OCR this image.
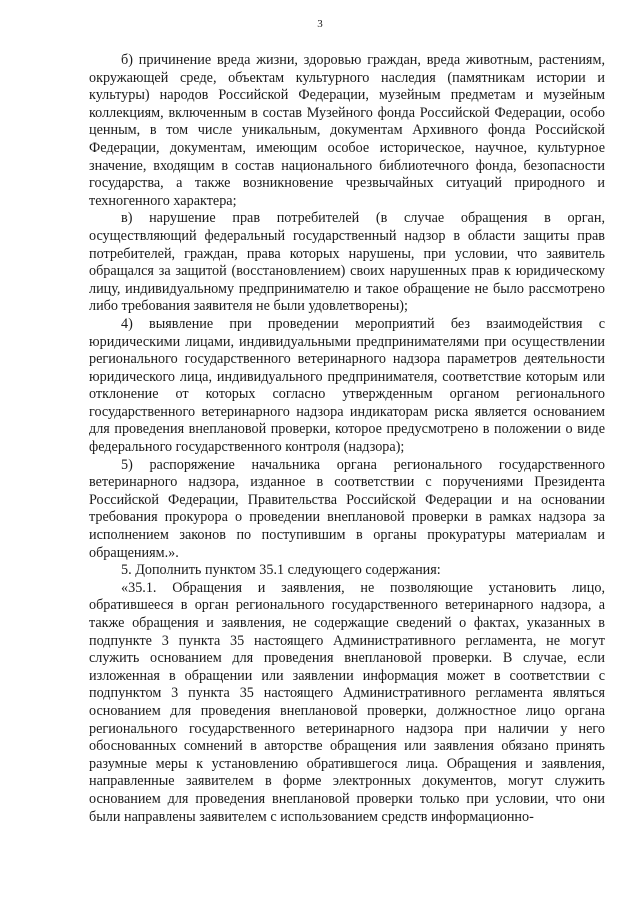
3

б) причинение вреда жизни, здоровью граждан, вреда животным, растениям, окружающей среде, объектам культурного наследия (памятникам истории и культуры) народов Российской Федерации, музейным предметам и музейным коллекциям, включенным в состав Музейного фонда Российской Федерации, особо ценным, в том числе уникальным, документам Архивного фонда Российской Федерации, документам, имеющим особое историческое, научное, культурное значение, входящим в состав национального библиотечного фонда, безопасности государства, а также возникновение чрезвычайных ситуаций природного и техногенного характера;

в) нарушение прав потребителей (в случае обращения в орган, осуществляющий федеральный государственный надзор в области защиты прав потребителей, граждан, права которых нарушены, при условии, что заявитель обращался за защитой (восстановлением) своих нарушенных прав к юридическому лицу, индивидуальному предпринимателю и такое обращение не было рассмотрено либо требования заявителя не были удовлетворены);

4) выявление при проведении мероприятий без взаимодействия с юридическими лицами, индивидуальными предпринимателями при осуществлении регионального государственного ветеринарного надзора параметров деятельности юридического лица, индивидуального предпринимателя, соответствие которым или отклонение от которых согласно утвержденным органом регионального государственного ветеринарного надзора индикаторам риска является основанием для проведения внеплановой проверки, которое предусмотрено в положении о виде федерального государственного контроля (надзора);

5) распоряжение начальника органа регионального государственного ветеринарного надзора, изданное в соответствии с поручениями Президента Российской Федерации, Правительства Российской Федерации и на основании требования прокурора о проведении внеплановой проверки в рамках надзора за исполнением законов по поступившим в органы прокуратуры материалам и обращениям.».

5. Дополнить пунктом 35.1 следующего содержания:

«35.1. Обращения и заявления, не позволяющие установить лицо, обратившееся в орган регионального государственного ветеринарного надзора, а также обращения и заявления, не содержащие сведений о фактах, указанных в подпункте 3 пункта 35 настоящего Административного регламента, не могут служить основанием для проведения внеплановой проверки. В случае, если изложенная в обращении или заявлении информация может в соответствии с подпунктом 3 пункта 35 настоящего Административного регламента являться основанием для проведения внеплановой проверки, должностное лицо органа регионального государственного ветеринарного надзора при наличии у него обоснованных сомнений в авторстве обращения или заявления обязано принять разумные меры к установлению обратившегося лица. Обращения и заявления, направленные заявителем в форме электронных документов, могут служить основанием для проведения внеплановой проверки только при условии, что они были направлены заявителем с использованием средств информационно-
